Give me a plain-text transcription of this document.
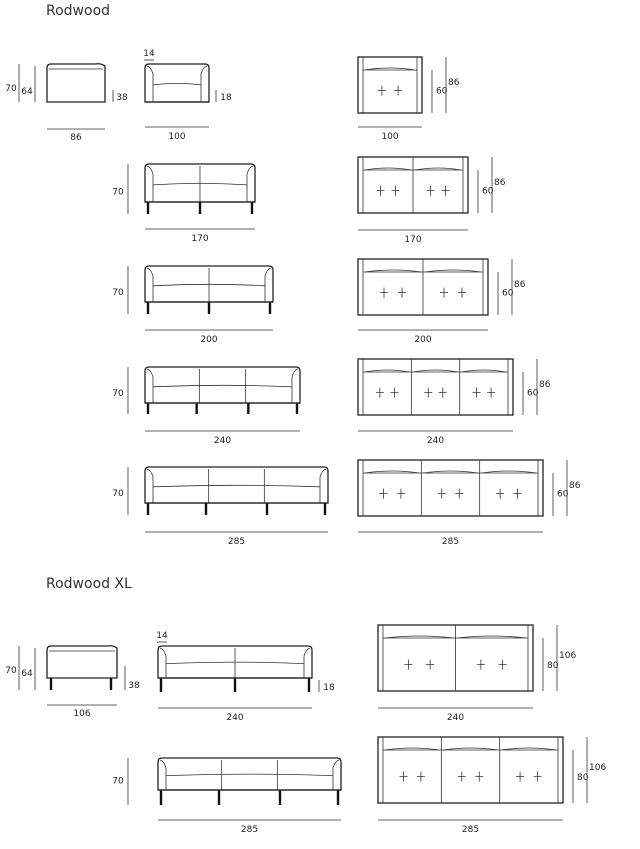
Rodwood
Rodwood XL
70 64
38
86
70 64
38
106
100
14
18
170
70
200
70
240
70
285
70
240
14
18
285
70
100
60
86
170
60
86
200
60
86
240
60
86
285
60
86
240
80
106
285
80
106
